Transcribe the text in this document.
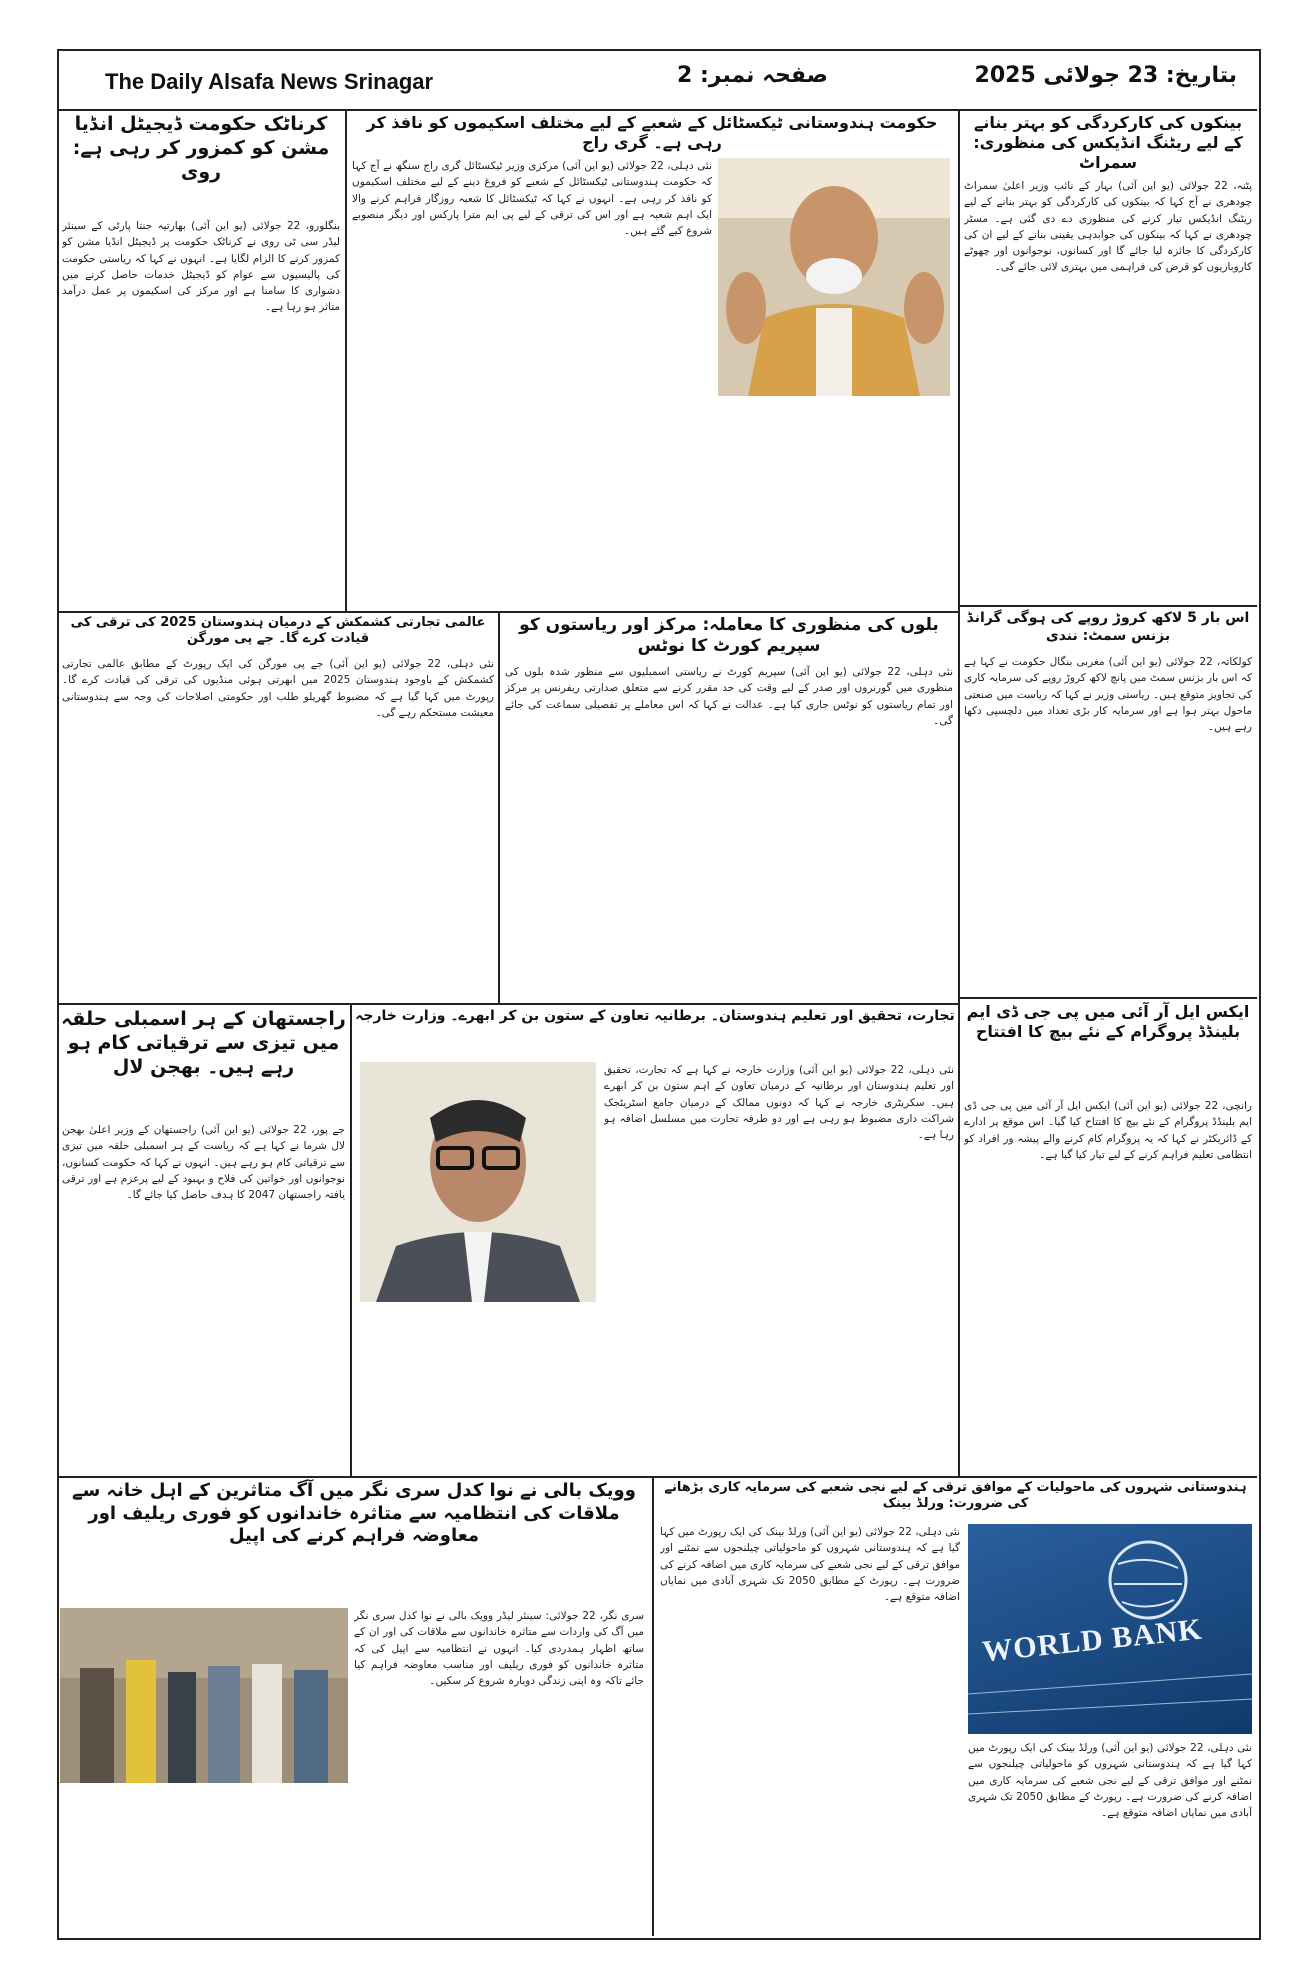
The Daily Alsafa News Srinagar	صفحہ نمبر: 2	بتاریخ: 23 جولائی 2025
بینکوں کی کارکردگی کو بہتر بنانے کے لیے ریٹنگ انڈیکس کی منظوری: سمراٹ
پٹنہ، 22 جولائی (یو این آئی) بہار کے نائب وزیر اعلیٰ سمراٹ چودھری نے آج کہا کہ بینکوں کی کارکردگی کو بہتر بنانے کے لیے ریٹنگ انڈیکس تیار کرنے کی منظوری دے دی گئی ہے۔ مسٹر چودھری نے کہا کہ بینکوں کی جوابدہی یقینی بنانے کے لیے ان کی کارکردگی کا جائزہ لیا جائے گا اور کسانوں، نوجوانوں اور چھوٹے کاروباریوں کو قرض کی فراہمی میں بہتری لائی جائے گی۔
حکومت ہندوستانی ٹیکسٹائل کے شعبے کے لیے مختلف اسکیموں کو نافذ کر رہی ہے۔ گری راج
نئی دہلی، 22 جولائی (یو این آئی) مرکزی وزیر ٹیکسٹائل گری راج سنگھ نے آج کہا کہ حکومت ہندوستانی ٹیکسٹائل کے شعبے کو فروغ دینے کے لیے مختلف اسکیموں کو نافذ کر رہی ہے۔ انہوں نے کہا کہ ٹیکسٹائل کا شعبہ روزگار فراہم کرنے والا ایک اہم شعبہ ہے اور اس کی ترقی کے لیے پی ایم مترا پارکس اور دیگر منصوبے شروع کیے گئے ہیں۔
کرناٹک حکومت ڈیجیٹل انڈیا مشن کو کمزور کر رہی ہے: روی
بنگلورو، 22 جولائی (یو این آئی) بھارتیہ جنتا پارٹی کے سینئر لیڈر سی ٹی روی نے کرناٹک حکومت پر ڈیجیٹل انڈیا مشن کو کمزور کرنے کا الزام لگایا ہے۔ انہوں نے کہا کہ ریاستی حکومت کی پالیسیوں سے عوام کو ڈیجیٹل خدمات حاصل کرنے میں دشواری کا سامنا ہے اور مرکز کی اسکیموں پر عمل درآمد متاثر ہو رہا ہے۔
اس بار 5 لاکھ کروڑ روپے کی ہوگی گرانڈ بزنس سمٹ: نندی
کولکاتہ، 22 جولائی (یو این آئی) مغربی بنگال حکومت نے کہا ہے کہ اس بار بزنس سمٹ میں پانچ لاکھ کروڑ روپے کی سرمایہ کاری کی تجاویز متوقع ہیں۔ ریاستی وزیر نے کہا کہ ریاست میں صنعتی ماحول بہتر ہوا ہے اور سرمایہ کار بڑی تعداد میں دلچسپی دکھا رہے ہیں۔
بلوں کی منظوری کا معاملہ: مرکز اور ریاستوں کو سپریم کورٹ کا نوٹس
نئی دہلی، 22 جولائی (یو این آئی) سپریم کورٹ نے ریاستی اسمبلیوں سے منظور شدہ بلوں کی منظوری میں گورنروں اور صدر کے لیے وقت کی حد مقرر کرنے سے متعلق صدارتی ریفرنس پر مرکز اور تمام ریاستوں کو نوٹس جاری کیا ہے۔ عدالت نے کہا کہ اس معاملے پر تفصیلی سماعت کی جائے گی۔
عالمی تجارتی کشمکش کے درمیان ہندوستان 2025 کی ترقی کی قیادت کرے گا۔ جے پی مورگن
نئی دہلی، 22 جولائی (یو این آئی) جے پی مورگن کی ایک رپورٹ کے مطابق عالمی تجارتی کشمکش کے باوجود ہندوستان 2025 میں ابھرتی ہوئی منڈیوں کی ترقی کی قیادت کرے گا۔ رپورٹ میں کہا گیا ہے کہ مضبوط گھریلو طلب اور حکومتی اصلاحات کی وجہ سے ہندوستانی معیشت مستحکم رہے گی۔
راجستھان کے ہر اسمبلی حلقہ میں تیزی سے ترقیاتی کام ہو رہے ہیں۔ بھجن لال
جے پور، 22 جولائی (یو این آئی) راجستھان کے وزیر اعلیٰ بھجن لال شرما نے کہا ہے کہ ریاست کے ہر اسمبلی حلقہ میں تیزی سے ترقیاتی کام ہو رہے ہیں۔ انہوں نے کہا کہ حکومت کسانوں، نوجوانوں اور خواتین کی فلاح و بہبود کے لیے پرعزم ہے اور ترقی یافتہ راجستھان 2047 کا ہدف حاصل کیا جائے گا۔
تجارت، تحقیق اور تعلیم ہندوستان۔ برطانیہ تعاون کے ستون بن کر ابھرے۔ وزارت خارجہ
نئی دہلی، 22 جولائی (یو این آئی) وزارت خارجہ نے کہا ہے کہ تجارت، تحقیق اور تعلیم ہندوستان اور برطانیہ کے درمیان تعاون کے اہم ستون بن کر ابھرے ہیں۔ سکریٹری خارجہ نے کہا کہ دونوں ممالک کے درمیان جامع اسٹریٹجک شراکت داری مضبوط ہو رہی ہے اور دو طرفہ تجارت میں مسلسل اضافہ ہو رہا ہے۔
ایکس ایل آر آئی میں پی جی ڈی ایم بلینڈڈ پروگرام کے نئے بیچ کا افتتاح
رانچی، 22 جولائی (یو این آئی) ایکس ایل آر آئی میں پی جی ڈی ایم بلینڈڈ پروگرام کے نئے بیچ کا افتتاح کیا گیا۔ اس موقع پر ادارے کے ڈائریکٹر نے کہا کہ یہ پروگرام کام کرنے والے پیشہ ور افراد کو انتظامی تعلیم فراہم کرنے کے لیے تیار کیا گیا ہے۔
وویک بالی نے نوا کدل سری نگر میں آگ متاثرین کے اہل خانہ سے ملاقات کی انتظامیہ سے متاثرہ خاندانوں کو فوری ریلیف اور معاوضہ فراہم کرنے کی اپیل
سری نگر، 22 جولائی: سینئر لیڈر وویک بالی نے نوا کدل سری نگر میں آگ کی واردات سے متاثرہ خاندانوں سے ملاقات کی اور ان کے ساتھ اظہار ہمدردی کیا۔ انہوں نے انتظامیہ سے اپیل کی کہ متاثرہ خاندانوں کو فوری ریلیف اور مناسب معاوضہ فراہم کیا جائے تاکہ وہ اپنی زندگی دوبارہ شروع کر سکیں۔
ہندوستانی شہروں کی ماحولیات کے موافق ترقی کے لیے نجی شعبے کی سرمایہ کاری بڑھانے کی ضرورت: ورلڈ بینک
نئی دہلی، 22 جولائی (یو این آئی) ورلڈ بینک کی ایک رپورٹ میں کہا گیا ہے کہ ہندوستانی شہروں کو ماحولیاتی چیلنجوں سے نمٹنے اور موافق ترقی کے لیے نجی شعبے کی سرمایہ کاری میں اضافہ کرنے کی ضرورت ہے۔ رپورٹ کے مطابق 2050 تک شہری آبادی میں نمایاں اضافہ متوقع ہے۔
WORLD BANK
نئی دہلی، 22 جولائی (یو این آئی) ورلڈ بینک کی ایک رپورٹ میں کہا گیا ہے کہ ہندوستانی شہروں کو ماحولیاتی چیلنجوں سے نمٹنے اور موافق ترقی کے لیے نجی شعبے کی سرمایہ کاری میں اضافہ کرنے کی ضرورت ہے۔ رپورٹ کے مطابق 2050 تک شہری آبادی میں نمایاں اضافہ متوقع ہے۔
